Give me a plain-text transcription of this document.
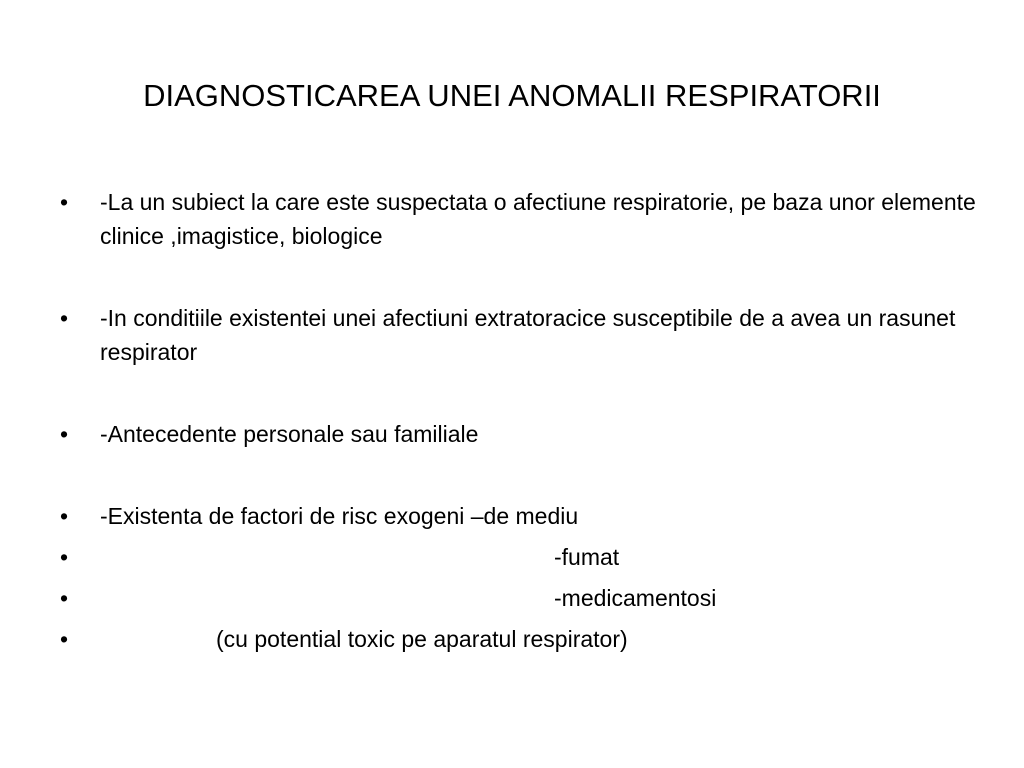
DIAGNOSTICAREA UNEI ANOMALII RESPIRATORII
•	-La un subiect la care este suspectata o afectiune respiratorie, pe baza unor elemente clinice ,imagistice, biologice
•	-In conditiile existentei unei afectiuni extratoracice susceptibile de a avea un rasunet respirator
•	-Antecedente personale sau familiale
•	-Existenta de factori de risc exogeni –de mediu
•	-fumat
•	-medicamentosi
•	(cu potential toxic pe aparatul respirator)
